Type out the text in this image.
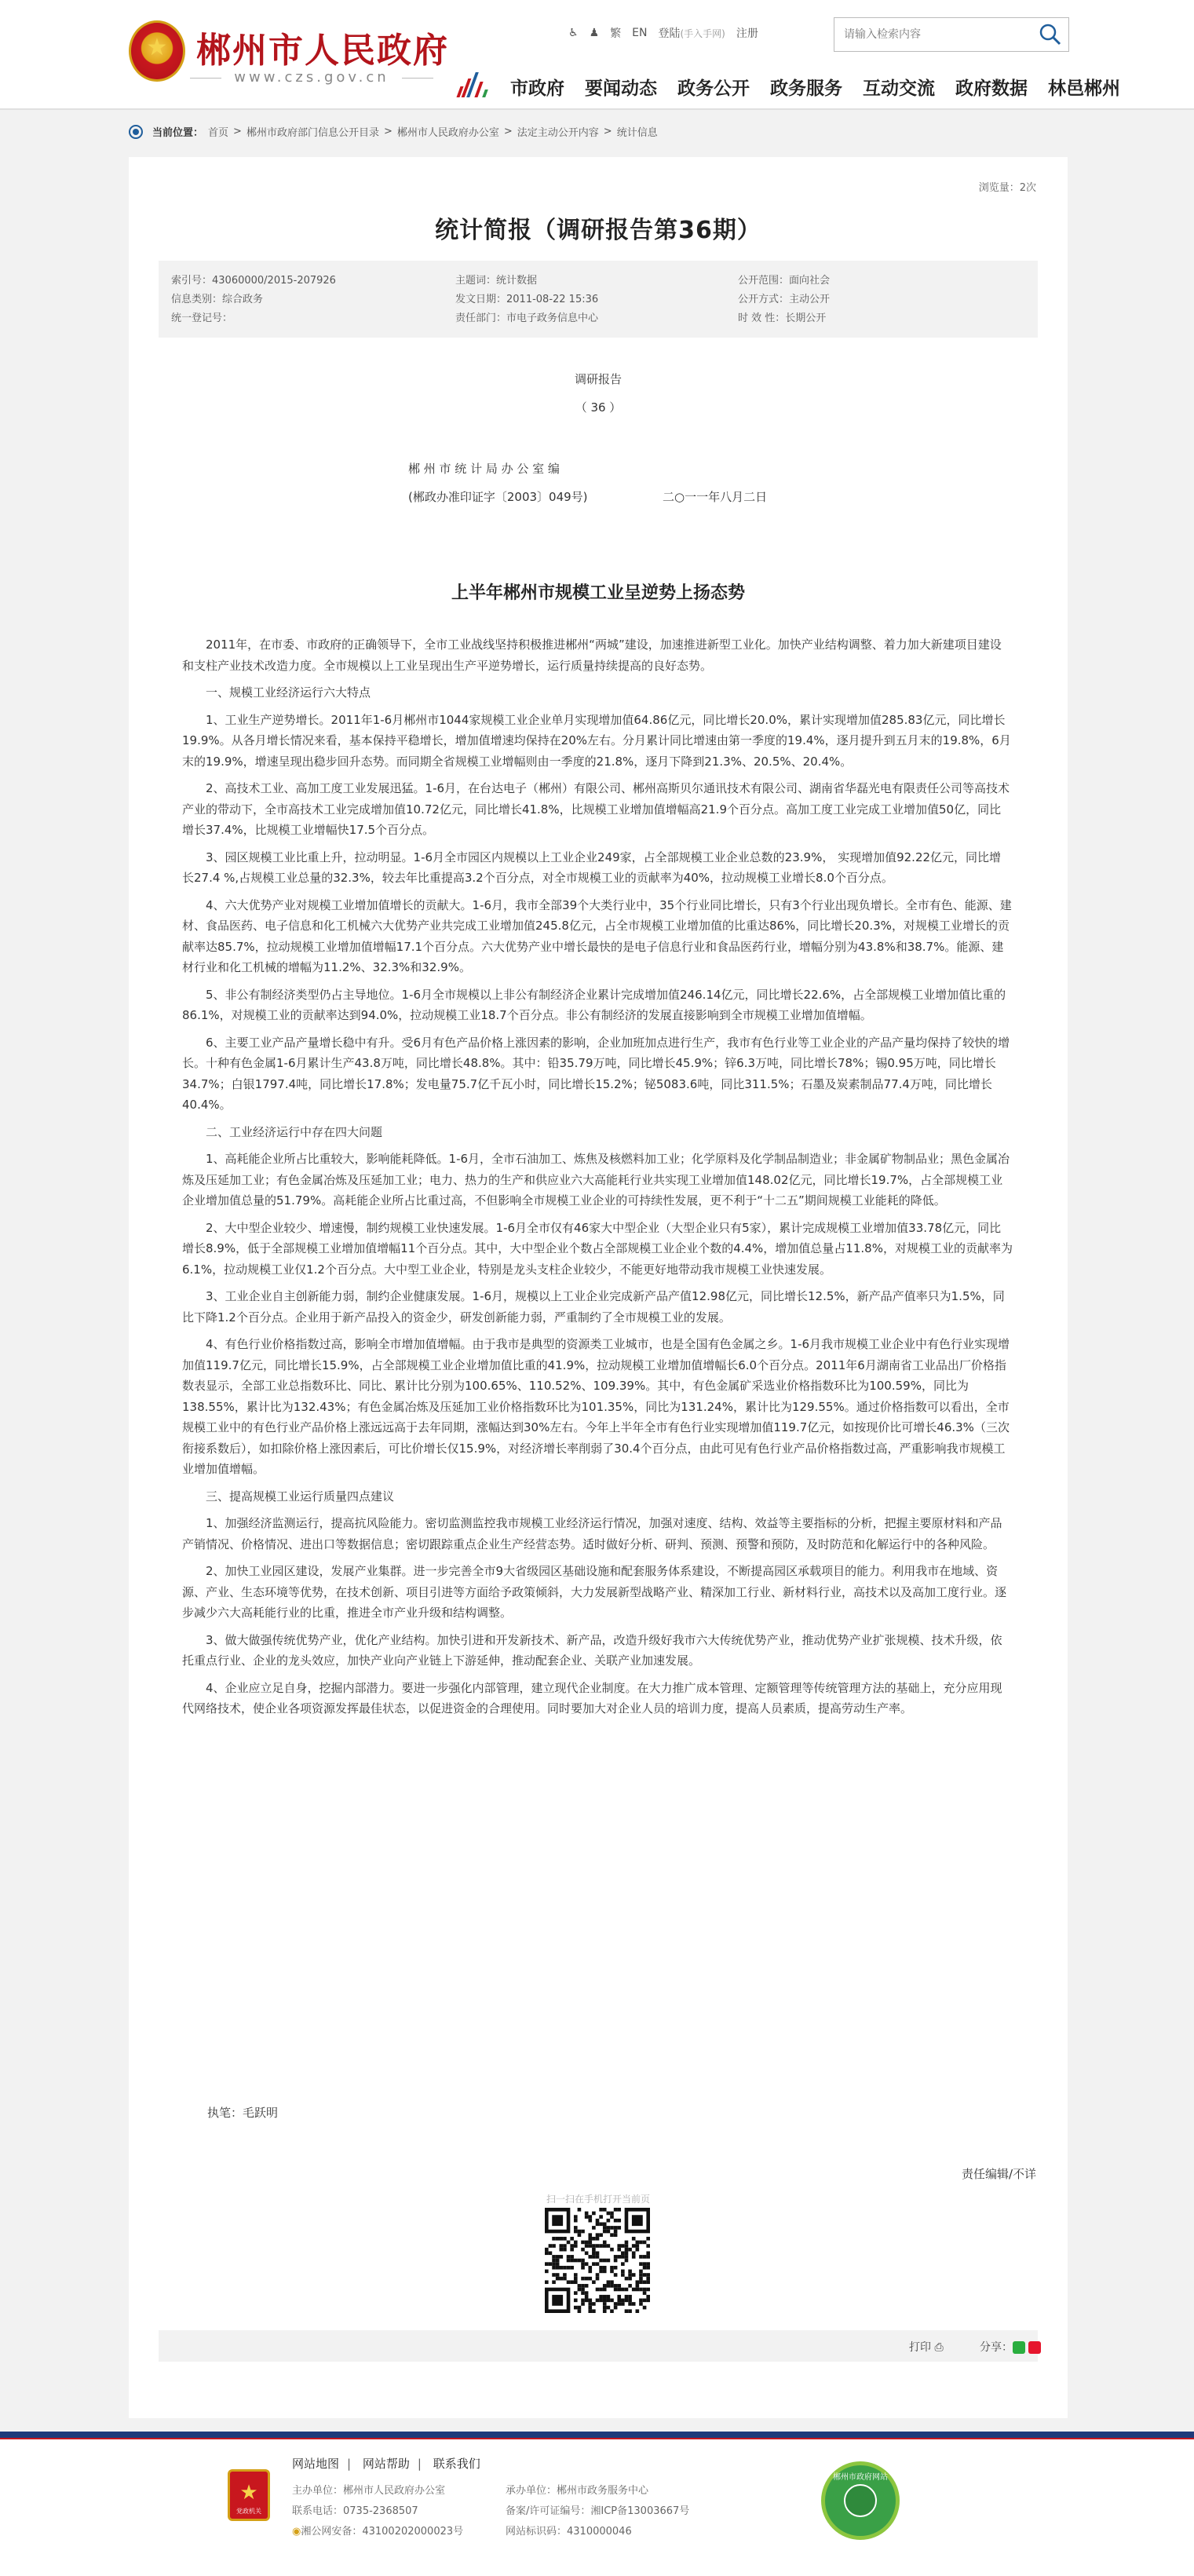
★
郴州市人民政府
www.czs.gov.cn
♿ ♟ 繁 EN 登陆(手入手网) 注册
请输入检索内容
市政府 要闻动态 政务公开 政务服务 互动交流 政府数据 林邑郴州
当前位置： 首页 > 郴州市政府部门信息公开目录 > 郴州市人民政府办公室 > 法定主动公开内容 > 统计信息
浏览量：2次
统计简报（调研报告第36期）
索引号：43060000/2015-207926
信息类别：综合政务
统一登记号：
主题词：统计数据
发文日期：2011-08-22 15:36
责任部门：市电子政务信息中心
公开范围：面向社会
公开方式：主动公开
时 效 性：长期公开
调研报告
（ 36 ）
郴 州 市 统 计 局 办 公 室 编
(郴政办准印证字〔2003〕049号)	二○一一年八月二日
上半年郴州市规模工业呈逆势上扬态势

2011年，在市委、市政府的正确领导下，全市工业战线坚持积极推进郴州“两城”建设，加速推进新型工业化。加快产业结构调整、着力加大新建项目建设和支柱产业技术改造力度。全市规模以上工业呈现出生产平逆势增长，运行质量持续提高的良好态势。

一、规模工业经济运行六大特点

1、工业生产逆势增长。2011年1-6月郴州市1044家规模工业企业单月实现增加值64.86亿元，同比增长20.0%，累计实现增加值285.83亿元，同比增长19.9%。从各月增长情况来看，基本保持平稳增长，增加值增速均保持在20%左右。分月累计同比增速由第一季度的19.4%，逐月提升到五月末的19.8%，6月末的19.9%，增速呈现出稳步回升态势。而同期全省规模工业增幅则由一季度的21.8%，逐月下降到21.3%、20.5%、20.4%。

2、高技术工业、高加工度工业发展迅猛。1-6月，在台达电子（郴州）有限公司、郴州高斯贝尔通讯技术有限公司、湖南省华磊光电有限责任公司等高技术产业的带动下，全市高技术工业完成增加值10.72亿元，同比增长41.8%，比规模工业增加值增幅高21.9个百分点。高加工度工业完成工业增加值50亿，同比增长37.4%，比规模工业增幅快17.5个百分点。

3、园区规模工业比重上升，拉动明显。1-6月全市园区内规模以上工业企业249家，占全部规模工业企业总数的23.9%， 实现增加值92.22亿元，同比增长27.4 %,占规模工业总量的32.3%，较去年比重提高3.2个百分点，对全市规模工业的贡献率为40%，拉动规模工业增长8.0个百分点。

4、六大优势产业对规模工业增加值增长的贡献大。1-6月，我市全部39个大类行业中，35个行业同比增长，只有3个行业出现负增长。全市有色、能源、建材、食品医药、电子信息和化工机械六大优势产业共完成工业增加值245.8亿元，占全市规模工业增加值的比重达86%，同比增长20.3%，对规模工业增长的贡献率达85.7%，拉动规模工业增加值增幅17.1个百分点。六大优势产业中增长最快的是电子信息行业和食品医药行业，增幅分别为43.8%和38.7%。能源、建材行业和化工机械的增幅为11.2%、32.3%和32.9%。

5、非公有制经济类型仍占主导地位。1-6月全市规模以上非公有制经济企业累计完成增加值246.14亿元，同比增长22.6%，占全部规模工业增加值比重的86.1%，对规模工业的贡献率达到94.0%，拉动规模工业18.7个百分点。非公有制经济的发展直接影响到全市规模工业增加值增幅。

6、主要工业产品产量增长稳中有升。受6月有色产品价格上涨因素的影响，企业加班加点进行生产，我市有色行业等工业企业的产品产量均保持了较快的增长。十种有色金属1-6月累计生产43.8万吨，同比增长48.8%。其中：铅35.79万吨，同比增长45.9%；锌6.3万吨，同比增长78%；锡0.95万吨，同比增长34.7%；白银1797.4吨，同比增长17.8%；发电量75.7亿千瓦小时，同比增长15.2%；铋5083.6吨，同比311.5%；石墨及炭素制品77.4万吨，同比增长40.4%。

二、工业经济运行中存在四大问题

1、高耗能企业所占比重较大，影响能耗降低。1-6月，全市石油加工、炼焦及核燃料加工业；化学原料及化学制品制造业；非金属矿物制品业；黑色金属冶炼及压延加工业；有色金属冶炼及压延加工业；电力、热力的生产和供应业六大高能耗行业共实现工业增加值148.02亿元，同比增长19.7%，占全部规模工业企业增加值总量的51.79%。高耗能企业所占比重过高，不但影响全市规模工业企业的可持续性发展，更不利于“十二五”期间规模工业能耗的降低。

2、大中型企业较少、增速慢，制约规模工业快速发展。1-6月全市仅有46家大中型企业（大型企业只有5家），累计完成规模工业增加值33.78亿元，同比增长8.9%，低于全部规模工业增加值增幅11个百分点。其中，大中型企业个数占全部规模工业企业个数的4.4%，增加值总量占11.8%，对规模工业的贡献率为6.1%，拉动规模工业仅1.2个百分点。大中型工业企业，特别是龙头支柱企业较少，不能更好地带动我市规模工业快速发展。

3、工业企业自主创新能力弱，制约企业健康发展。1-6月，规模以上工业企业完成新产品产值12.98亿元，同比增长12.5%，新产品产值率只为1.5%，同比下降1.2个百分点。企业用于新产品投入的资金少，研发创新能力弱，严重制约了全市规模工业的发展。

4、有色行业价格指数过高，影响全市增加值增幅。由于我市是典型的资源类工业城市，也是全国有色金属之乡。1-6月我市规模工业企业中有色行业实现增加值119.7亿元，同比增长15.9%，占全部规模工业企业增加值比重的41.9%，拉动规模工业增加值增幅长6.0个百分点。2011年6月湖南省工业品出厂价格指数表显示，全部工业总指数环比、同比、累计比分别为100.65%、110.52%、109.39%。其中，有色金属矿采选业价格指数环比为100.59%，同比为138.55%，累计比为132.43%；有色金属冶炼及压延加工业价格指数环比为101.35%，同比为131.24%，累计比为129.55%。通过价格指数可以看出，全市规模工业中的有色行业产品价格上涨远远高于去年同期，涨幅达到30%左右。今年上半年全市有色行业实现增加值119.7亿元，如按现价比可增长46.3%（三次衔接系数后），如扣除价格上涨因素后，可比价增长仅15.9%，对经济增长率削弱了30.4个百分点，由此可见有色行业产品价格指数过高，严重影响我市规模工业增加值增幅。

三、提高规模工业运行质量四点建议

1、加强经济监测运行，提高抗风险能力。密切监测监控我市规模工业经济运行情况，加强对速度、结构、效益等主要指标的分析，把握主要原材料和产品产销情况、价格情况、进出口等数据信息；密切跟踪重点企业生产经营态势。适时做好分析、研判、预测、预警和预防，及时防范和化解运行中的各种风险。

2、加快工业园区建设，发展产业集群。进一步完善全市9大省级园区基础设施和配套服务体系建设，不断提高园区承载项目的能力。利用我市在地域、资源、产业、生态环境等优势，在技术创新、项目引进等方面给予政策倾斜，大力发展新型战略产业、精深加工行业、新材料行业，高技术以及高加工度行业。逐步减少六大高耗能行业的比重，推进全市产业升级和结构调整。

3、做大做强传统优势产业，优化产业结构。加快引进和开发新技术、新产品，改造升级好我市六大传统优势产业，推动优势产业扩张规模、技术升级，依托重点行业、企业的龙头效应，加快产业向产业链上下游延伸，推动配套企业、关联产业加速发展。

4、企业应立足自身，挖掘内部潜力。要进一步强化内部管理，建立现代企业制度。在大力推广成本管理、定额管理等传统管理方法的基础上，充分应用现代网络技术，使企业各项资源发挥最佳状态，以促进资金的合理使用。同时要加大对企业人员的培训力度，提高人员素质，提高劳动生产率。

执笔：毛跃明
责任编辑/不详
扫一扫在手机打开当前页
打印 ⎙	分享：
网站地图 | 网站帮助 | 联系我们
★
党政机关
主办单位：郴州市人民政府办公室
联系电话：0735-2368507
◉湘公网安备：43100202000023号
承办单位：郴州市政务服务中心
备案/许可证编号：湘ICP备13003667号
网站标识码：4310000046
郴州市政府网站
